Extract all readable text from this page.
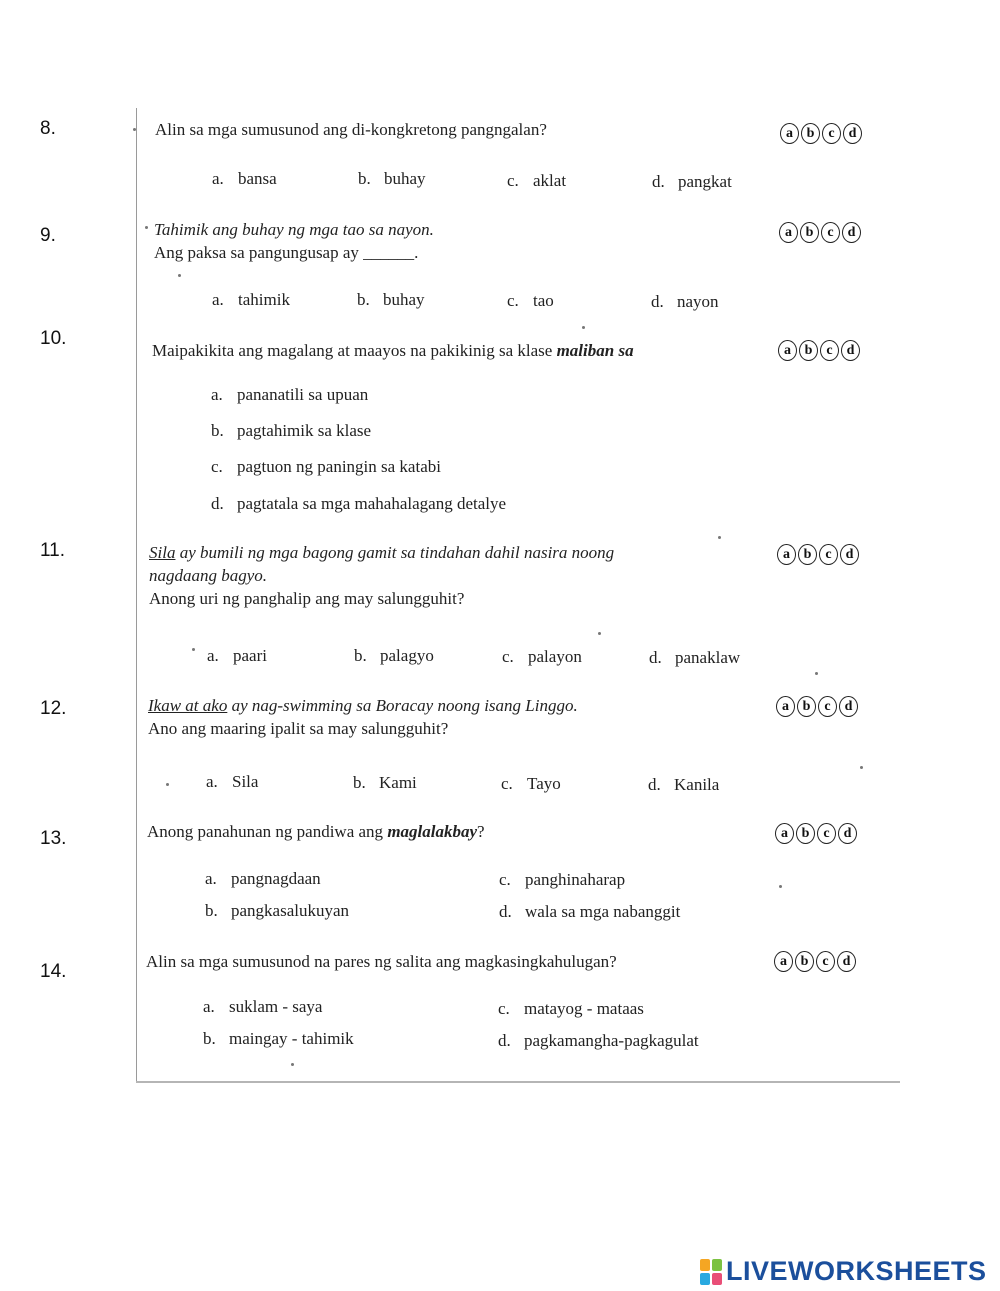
8.
9.
10.
11.
12.
13.
14.
Alin sa mga sumusunod ang di-kongkretong pangngalan?
a. bansa	b. buhay	c. aklat	d. pangkat
a b	c d
Tahimik ang buhay ng mga tao sa nayon.
Ang paksa sa pangungusap ay ______.
a. tahimik	b. buhay	c. tao	d. nayon
a b	c d
Maipakikita ang magalang at maayos na pakikinig sa klase maliban sa
a. pananatili sa upuan
b. pagtahimik sa klase
c. pagtuon ng paningin sa katabi
d. pagtatala sa mga mahahalagang detalye
a b	c d
Sila ay bumili ng mga bagong gamit sa tindahan dahil nasira noong
nagdaang bagyo.
Anong uri ng panghalip ang may salungguhit?
a. paari	b. palagyo	c. palayon	d. panaklaw
a b	c d
Ikaw at ako ay nag-swimming sa Boracay noong isang Linggo.
Ano ang maaring ipalit sa may salungguhit?
a. Sila	b. Kami	c. Tayo	d. Kanila
a b	c d
Anong panahunan ng pandiwa ang maglalakbay?
a. pangnagdaan
b. pangkasalukuyan
c. panghinaharap
d. wala sa mga nabanggit
a b	c d
Alin sa mga sumusunod na pares ng salita ang magkasingkahulugan?
a. suklam - saya
b. maingay - tahimik
c. matayog - mataas
d. pagkamangha-pagkagulat
a b	c d
LIVEWORKSHEETS
